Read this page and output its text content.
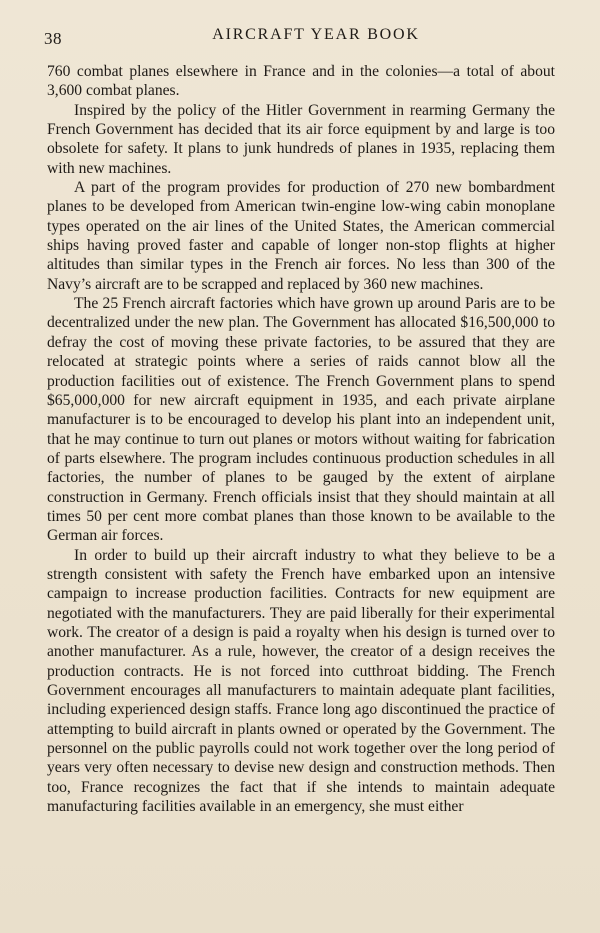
38	AIRCRAFT YEAR BOOK

760 combat planes elsewhere in France and in the colonies—a total of about 3,600 combat planes.

Inspired by the policy of the Hitler Government in rearming Germany the French Government has decided that its air force equipment by and large is too obsolete for safety. It plans to junk hundreds of planes in 1935, replacing them with new machines.

A part of the program provides for production of 270 new bombardment planes to be developed from American twin-engine low-wing cabin monoplane types operated on the air lines of the United States, the American commercial ships having proved faster and capable of longer non-stop flights at higher altitudes than similar types in the French air forces. No less than 300 of the Navy’s aircraft are to be scrapped and replaced by 360 new machines.

The 25 French aircraft factories which have grown up around Paris are to be decentralized under the new plan. The Government has allocated $16,500,000 to defray the cost of moving these private factories, to be assured that they are relocated at strategic points where a series of raids cannot blow all the production facilities out of existence. The French Government plans to spend $65,000,000 for new aircraft equipment in 1935, and each private airplane manufacturer is to be encouraged to develop his plant into an independent unit, that he may continue to turn out planes or motors without waiting for fabrication of parts elsewhere. The program includes continuous production schedules in all factories, the number of planes to be gauged by the extent of airplane construction in Germany. French officials insist that they should maintain at all times 50 per cent more combat planes than those known to be available to the German air forces.

In order to build up their aircraft industry to what they believe to be a strength consistent with safety the French have embarked upon an intensive campaign to increase production facilities. Contracts for new equipment are negotiated with the manufacturers. They are paid liberally for their experimental work. The creator of a design is paid a royalty when his design is turned over to another manufacturer. As a rule, however, the creator of a design receives the production contracts. He is not forced into cutthroat bidding. The French Government encourages all manufacturers to maintain adequate plant facilities, including experienced design staffs. France long ago discontinued the practice of attempting to build aircraft in plants owned or operated by the Government. The personnel on the public payrolls could not work together over the long period of years very often necessary to devise new design and construction methods. Then too, France recognizes the fact that if she intends to maintain adequate manufacturing facilities available in an emergency, she must either
